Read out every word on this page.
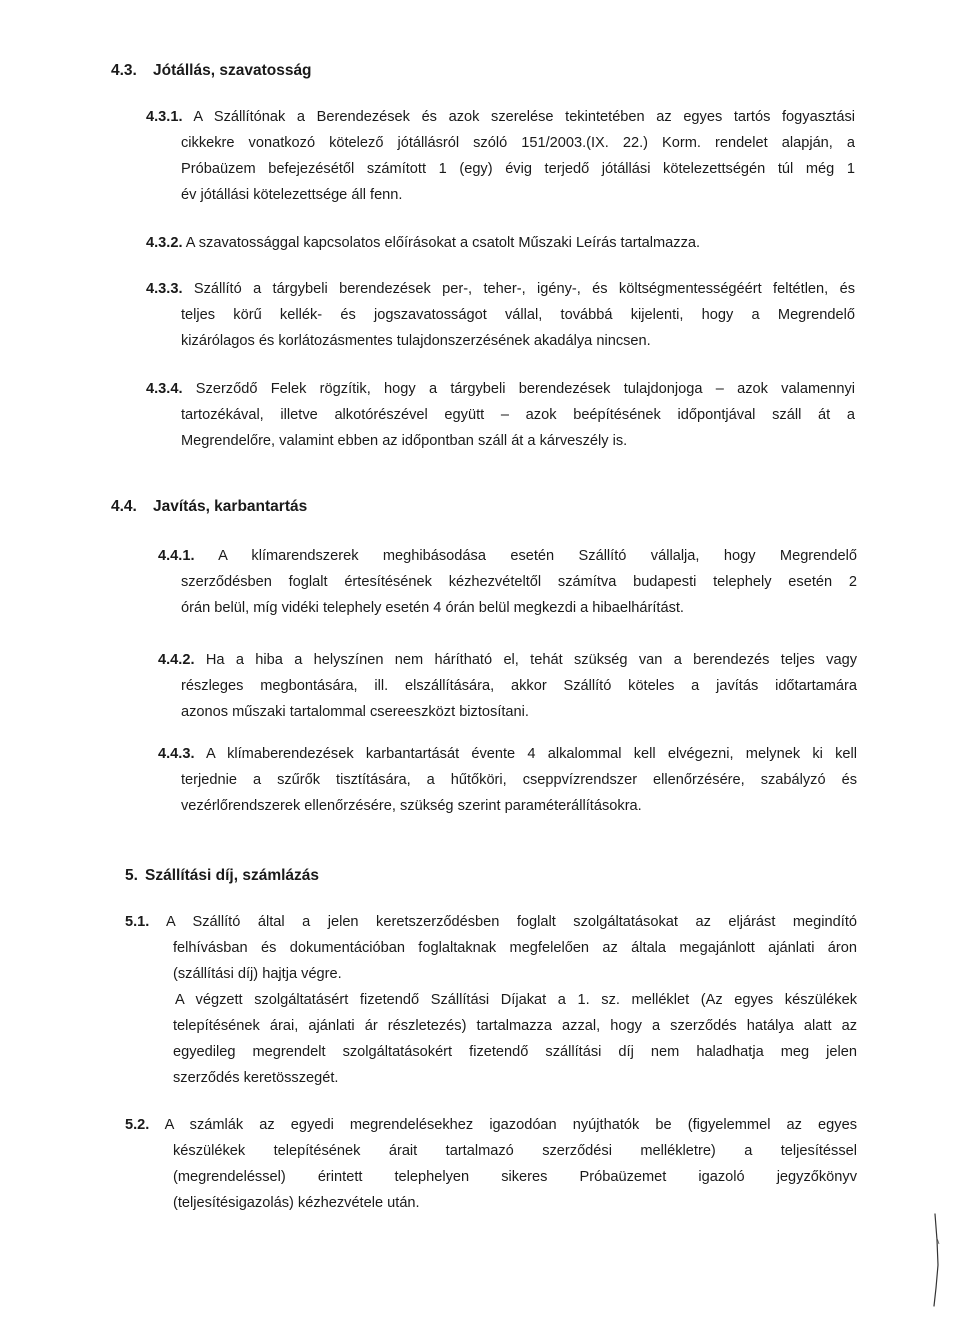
4.3. Jótállás, szavatosság
4.3.1. A Szállítónak a Berendezések és azok szerelése tekintetében az egyes tartós fogyasztási
cikkekre vonatkozó kötelező jótállásról szóló 151/2003.(IX. 22.) Korm. rendelet alapján, a
Próbaüzem befejezésétől számított 1 (egy) évig terjedő jótállási kötelezettségén túl még 1
év jótállási kötelezettsége áll fenn.
4.3.2. A szavatossággal kapcsolatos előírásokat a csatolt Műszaki Leírás tartalmazza.
4.3.3. Szállító a tárgybeli berendezések per-, teher-, igény-, és költségmentességéért feltétlen, és
teljes körű kellék- és jogszavatosságot vállal, továbbá kijelenti, hogy a Megrendelő
kizárólagos és korlátozásmentes tulajdonszerzésének akadálya nincsen.
4.3.4. Szerződő Felek rögzítik, hogy a tárgybeli berendezések tulajdonjoga – azok valamennyi
tartozékával, illetve alkotórészével együtt – azok beépítésének időpontjával száll át a
Megrendelőre, valamint ebben az időpontban száll át a kárveszély is.
4.4. Javítás, karbantartás
4.4.1. A klímarendszerek meghibásodása esetén Szállító vállalja, hogy Megrendelő
szerződésben foglalt értesítésének kézhezvételtől számítva budapesti telephely esetén 2
órán belül, míg vidéki telephely esetén 4 órán belül megkezdi a hibaelhárítást.
4.4.2. Ha a hiba a helyszínen nem hárítható el, tehát szükség van a berendezés teljes vagy
részleges megbontására, ill. elszállítására, akkor Szállító köteles a javítás időtartamára
azonos műszaki tartalommal csereeszközt biztosítani.
4.4.3. A klímaberendezések karbantartását évente 4 alkalommal kell elvégezni, melynek ki kell
terjednie a szűrők tisztítására, a hűtőköri, cseppvízrendszer ellenőrzésére, szabályzó és
vezérlőrendszerek ellenőrzésére, szükség szerint paraméterállításokra.
5. Szállítási díj, számlázás
5.1. A Szállító által a jelen keretszerződésben foglalt szolgáltatásokat az eljárást megindító
felhívásban és dokumentációban foglaltaknak megfelelően az általa megajánlott ajánlati áron
(szállítási díj) hajtja végre.
A végzett szolgáltatásért fizetendő Szállítási Díjakat a 1. sz. melléklet (Az egyes készülékek
telepítésének árai, ajánlati ár részletezés) tartalmazza azzal, hogy a szerződés hatálya alatt az
egyedileg megrendelt szolgáltatásokért fizetendő szállítási díj nem haladhatja meg jelen
szerződés keretösszegét.
5.2. A számlák az egyedi megrendelésekhez igazodóan nyújthatók be (figyelemmel az egyes
készülékek telepítésének árait tartalmazó szerződési mellékletre) a teljesítéssel
(megrendeléssel) érintett telephelyen sikeres Próbaüzemet igazoló jegyzőkönyv
(teljesítésigazolás) kézhezvétele után.
